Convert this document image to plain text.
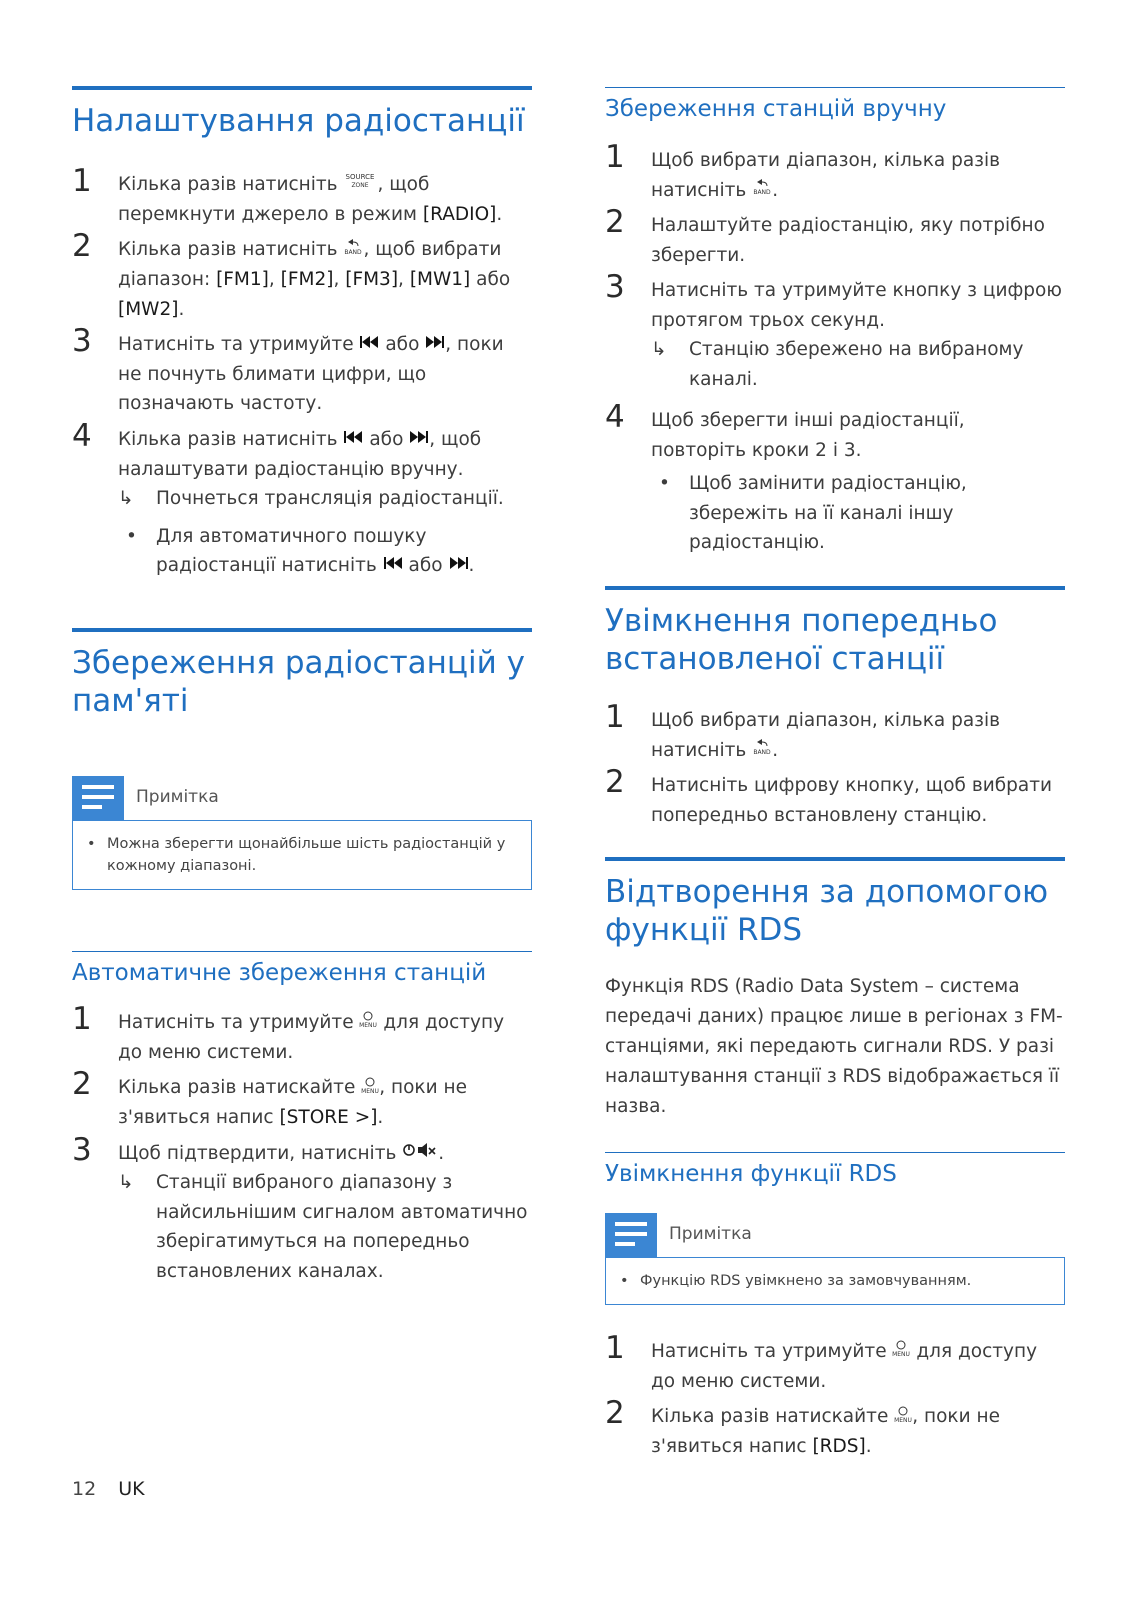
Налаштування радіостанції
1 Кілька разів натисніть SOURCE
ZONE , щоб перемкнути джерело в режим [RADIO].
2 Кілька разів натисніть BAND , щоб вибрати діапазон: [FM1], [FM2], [FM3], [MW1] або [MW2].
3 Натисніть та утримуйте  або , поки не почнуть блимати цифри, що позначають частоту.
4 Кілька разів натисніть  або , щоб налаштувати радіостанцію вручну.
↳ Почнеться трансляція радіостанції.
• Для автоматичного пошуку радіостанції натисніть  або .
Збереження радіостанцій у пам'яті
Примітка
• Можна зберегти щонайбільше шість радіостанцій у кожному діапазоні.
Автоматичне збереження станцій
1 Натисніть та утримуйте MENU для доступу до меню системи.
2 Кілька разів натискайте MENU , поки не з'явиться напис [STORE >].
3 Щоб підтвердити, натисніть .
↳ Станції вибраного діапазону з найсильнішим сигналом автоматично зберігатимуться на попередньо встановлених каналах.
Збереження станцій вручну
1 Щоб вибрати діапазон, кілька разів натисніть BAND .
2 Налаштуйте радіостанцію, яку потрібно зберегти.
3 Натисніть та утримуйте кнопку з цифрою протягом трьох секунд.
↳ Станцію збережено на вибраному каналі.
4 Щоб зберегти інші радіостанції, повторіть кроки 2 і 3.
• Щоб замінити радіостанцію, збережіть на її каналі іншу радіостанцію.
Увімкнення попередньо встановленої станції
1 Щоб вибрати діапазон, кілька разів натисніть BAND .
2 Натисніть цифрову кнопку, щоб вибрати попередньо встановлену станцію.
Відтворення за допомогою функції RDS

Функція RDS (Radio Data System – система передачі даних) працює лише в регіонах з FM-станціями, які передають сигнали RDS. У разі налаштування станції з RDS відображається її назва.

Увімкнення функції RDS
Примітка
• Функцію RDS увімкнено за замовчуванням.
1 Натисніть та утримуйте MENU для доступу до меню системи.
2 Кілька разів натискайте MENU , поки не з'явиться напис [RDS].
12 UK
